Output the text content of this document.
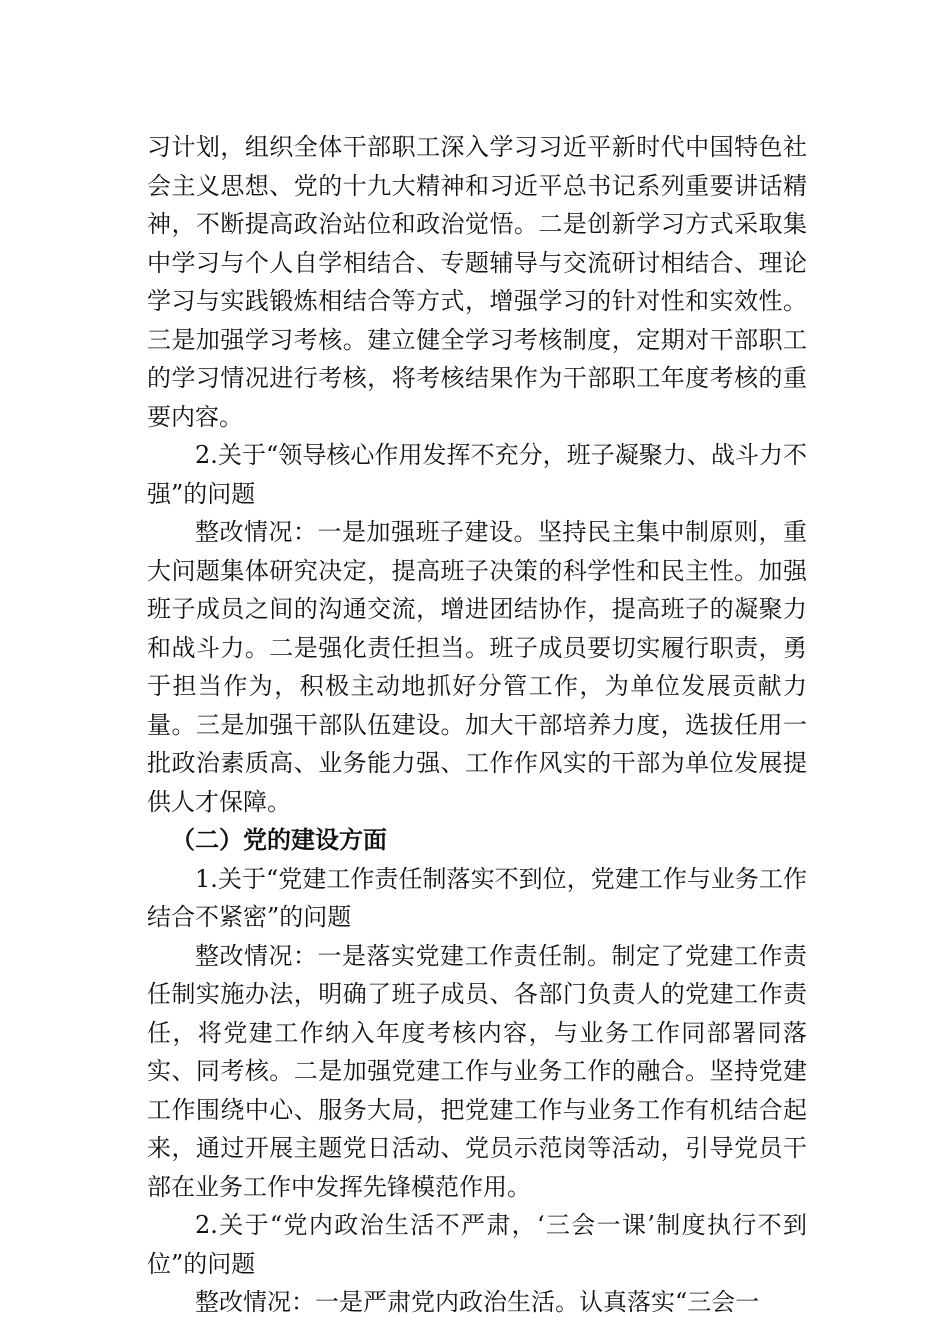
习计划，组织全体干部职工深入学习习近平新时代中国特色社会主义思想、党的十九大精神和习近平总书记系列重要讲话精神，不断提高政治站位和政治觉悟。二是创新学习方式采取集中学习与个人自学相结合、专题辅导与交流研讨相结合、理论学习与实践锻炼相结合等方式，增强学习的针对性和实效性。三是加强学习考核。建立健全学习考核制度，定期对干部职工的学习情况进行考核，将考核结果作为干部职工年度考核的重要内容。

2.关于“领导核心作用发挥不充分，班子凝聚力、战斗力不强”的问题

整改情况：一是加强班子建设。坚持民主集中制原则，重大问题集体研究决定，提高班子决策的科学性和民主性。加强班子成员之间的沟通交流，增进团结协作，提高班子的凝聚力和战斗力。二是强化责任担当。班子成员要切实履行职责，勇于担当作为，积极主动地抓好分管工作，为单位发展贡献力量。三是加强干部队伍建设。加大干部培养力度，选拔任用一批政治素质高、业务能力强、工作作风实的干部为单位发展提供人才保障。

（二）党的建设方面

1.关于“党建工作责任制落实不到位，党建工作与业务工作结合不紧密”的问题

整改情况：一是落实党建工作责任制。制定了党建工作责任制实施办法，明确了班子成员、各部门负责人的党建工作责任，将党建工作纳入年度考核内容，与业务工作同部署同落实、同考核。二是加强党建工作与业务工作的融合。坚持党建工作围绕中心、服务大局，把党建工作与业务工作有机结合起来，通过开展主题党日活动、党员示范岗等活动，引导党员干部在业务工作中发挥先锋模范作用。

2.关于“党内政治生活不严肃，‘三会一课’制度执行不到位”的问题

整改情况：一是严肃党内政治生活。认真落实“三会一
